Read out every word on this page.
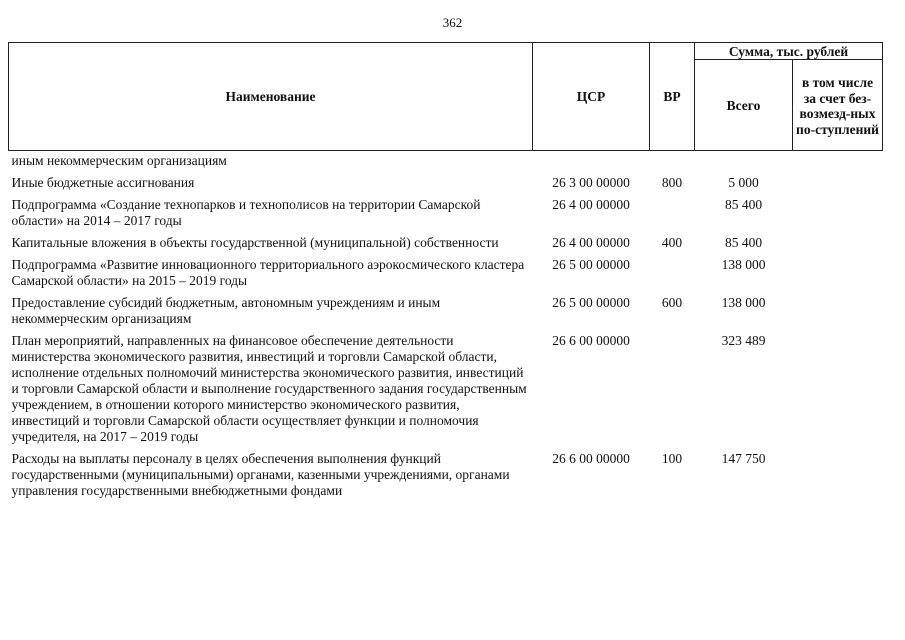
362
Наименование	ЦСР	ВР	Сумма, тыс. рублей	
			Всего	в том числе за счет без-возмезд-ных по-ступлений
иным некоммерческим организациям				
Иные бюджетные ассигнования	26 3 00 00000	800	5 000	
Подпрограмма «Создание технопарков и технополисов на территории Самарской области» на 2014 – 2017 годы	26 4 00 00000		85 400	
Капитальные вложения в объекты государственной (муниципальной) собственности	26 4 00 00000	400	85 400	
Подпрограмма «Развитие инновационного территориального аэрокосмического кластера Самарской области» на 2015 – 2019 годы	26 5 00 00000		138 000	
Предоставление субсидий бюджетным, автономным учреждениям и иным некоммерческим организациям	26 5 00 00000	600	138 000	
План мероприятий, направленных на финансовое обеспечение деятельности министерства экономического развития, инвестиций и торговли Самарской области, исполнение отдельных полномочий министерства экономического развития, инвестиций и торговли Самарской области и выполнение государственного задания государственным учреждением, в отношении которого министерство экономического развития, инвестиций и торговли Самарской области осуществляет функции и полномочия учредителя, на 2017 – 2019 годы	26 6 00 00000		323 489	
Расходы на выплаты персоналу в целях обеспечения выполнения функций государственными (муниципальными) органами, казенными учреждениями, органами управления государственными внебюджетными фондами	26 6 00 00000	100	147 750	
